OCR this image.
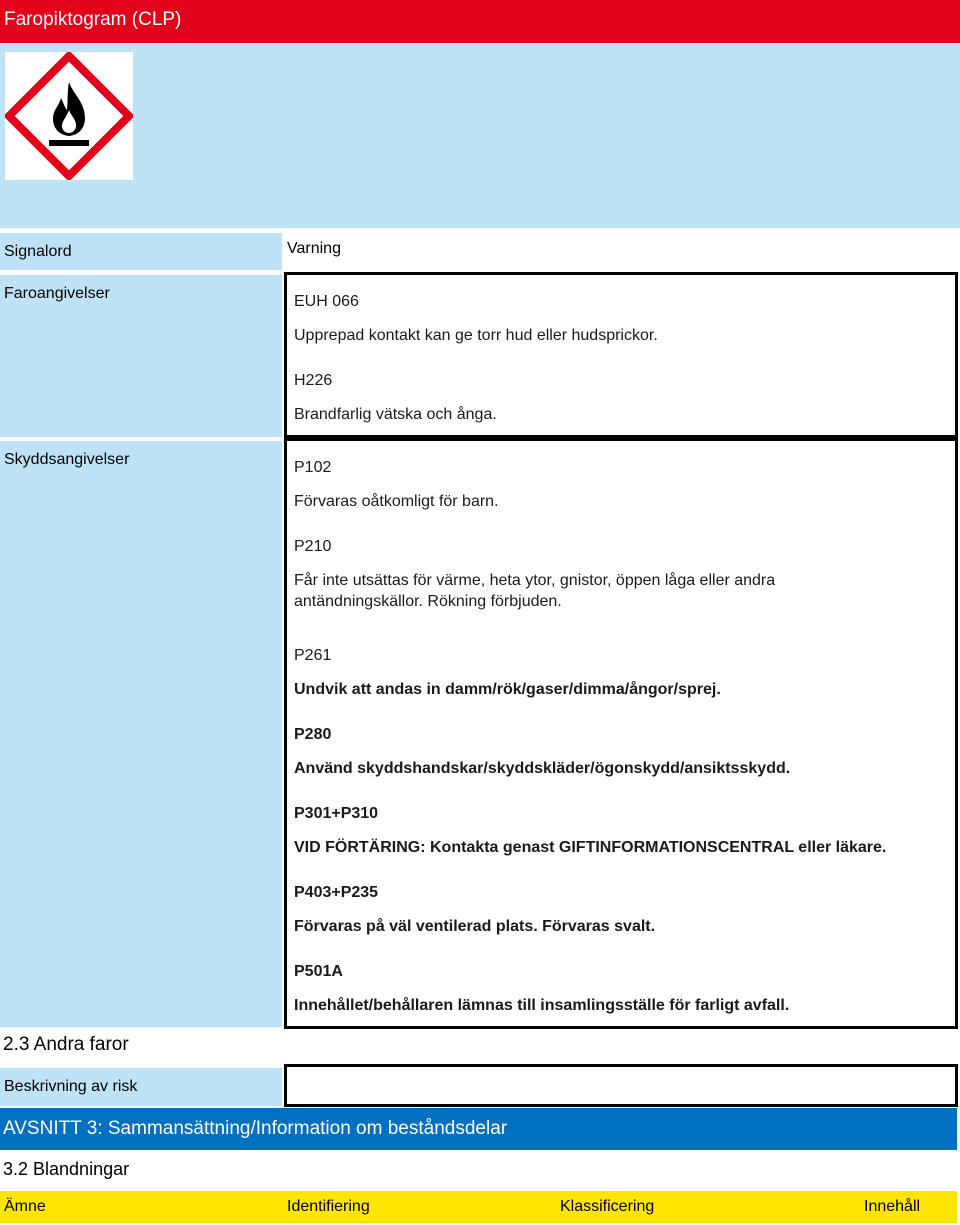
Faropiktogram (CLP)
Signalord	Varning
Faroangivelser	EUH 066
Upprepad kontakt kan ge torr hud eller hudsprickor.
H226
Brandfarlig vätska och ånga.
Skyddsangivelser	P102
Förvaras oåtkomligt för barn.
P210
Får inte utsättas för värme, heta ytor, gnistor, öppen låga eller andra antändningskällor. Rökning förbjuden.
P261
Undvik att andas in damm/rök/gaser/dimma/ångor/sprej.
P280
Använd skyddshandskar/skyddskläder/ögonskydd/ansiktsskydd.
P301+P310
VID FÖRTÄRING: Kontakta genast GIFTINFORMATIONSCENTRAL eller läkare.
P403+P235
Förvaras på väl ventilerad plats. Förvaras svalt.
P501A
Innehållet/behållaren lämnas till insamlingsställe för farligt avfall.
2.3 Andra faror
Beskrivning av risk
AVSNITT 3: Sammansättning/Information om beståndsdelar
3.2 Blandningar
Ämne	Identifiering	Klassificering	Innehåll
